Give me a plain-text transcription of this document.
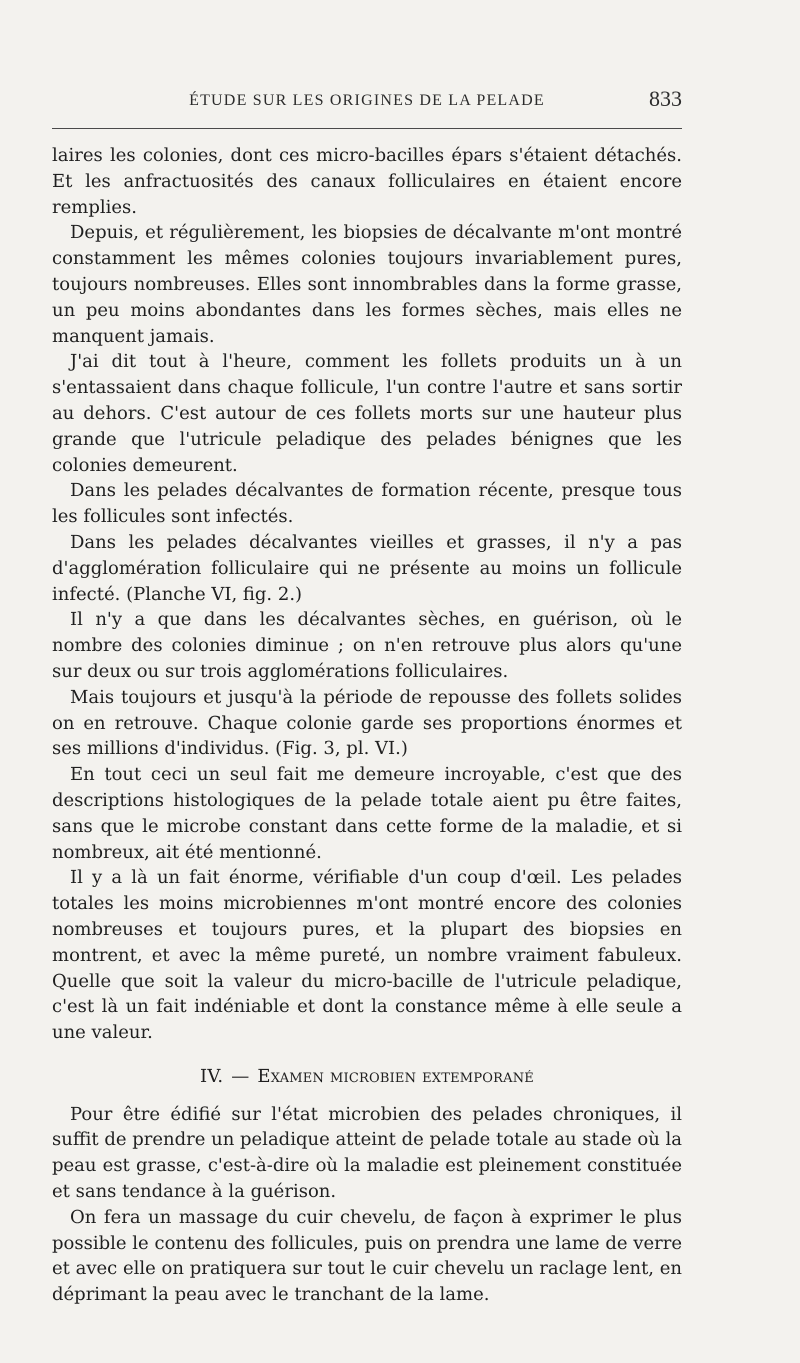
ÉTUDE SUR LES ORIGINES DE LA PELADE	833

laires les colonies, dont ces micro-bacilles épars s'étaient détachés. Et les anfractuosités des canaux folliculaires en étaient encore remplies.

Depuis, et régulièrement, les biopsies de décalvante m'ont montré constamment les mêmes colonies toujours invariablement pures, toujours nombreuses. Elles sont innombrables dans la forme grasse, un peu moins abondantes dans les formes sèches, mais elles ne manquent jamais.

J'ai dit tout à l'heure, comment les follets produits un à un s'entassaient dans chaque follicule, l'un contre l'autre et sans sortir au dehors. C'est autour de ces follets morts sur une hauteur plus grande que l'utricule peladique des pelades bénignes que les colonies demeurent.

Dans les pelades décalvantes de formation récente, presque tous les follicules sont infectés.

Dans les pelades décalvantes vieilles et grasses, il n'y a pas d'agglomération folliculaire qui ne présente au moins un follicule infecté. (Planche VI, fig. 2.)

Il n'y a que dans les décalvantes sèches, en guérison, où le nombre des colonies diminue ; on n'en retrouve plus alors qu'une sur deux ou sur trois agglomérations folliculaires.

Mais toujours et jusqu'à la période de repousse des follets solides on en retrouve. Chaque colonie garde ses proportions énormes et ses millions d'individus. (Fig. 3, pl. VI.)

En tout ceci un seul fait me demeure incroyable, c'est que des descriptions histologiques de la pelade totale aient pu être faites, sans que le microbe constant dans cette forme de la maladie, et si nombreux, ait été mentionné.

Il y a là un fait énorme, vérifiable d'un coup d'œil. Les pelades totales les moins microbiennes m'ont montré encore des colonies nombreuses et toujours pures, et la plupart des biopsies en montrent, et avec la même pureté, un nombre vraiment fabuleux. Quelle que soit la valeur du micro-bacille de l'utricule peladique, c'est là un fait indéniable et dont la constance même à elle seule a une valeur.

IV. — Examen microbien extemporané

Pour être édifié sur l'état microbien des pelades chroniques, il suffit de prendre un peladique atteint de pelade totale au stade où la peau est grasse, c'est-à-dire où la maladie est pleinement constituée et sans tendance à la guérison.

On fera un massage du cuir chevelu, de façon à exprimer le plus possible le contenu des follicules, puis on prendra une lame de verre et avec elle on pratiquera sur tout le cuir chevelu un raclage lent, en déprimant la peau avec le tranchant de la lame.
